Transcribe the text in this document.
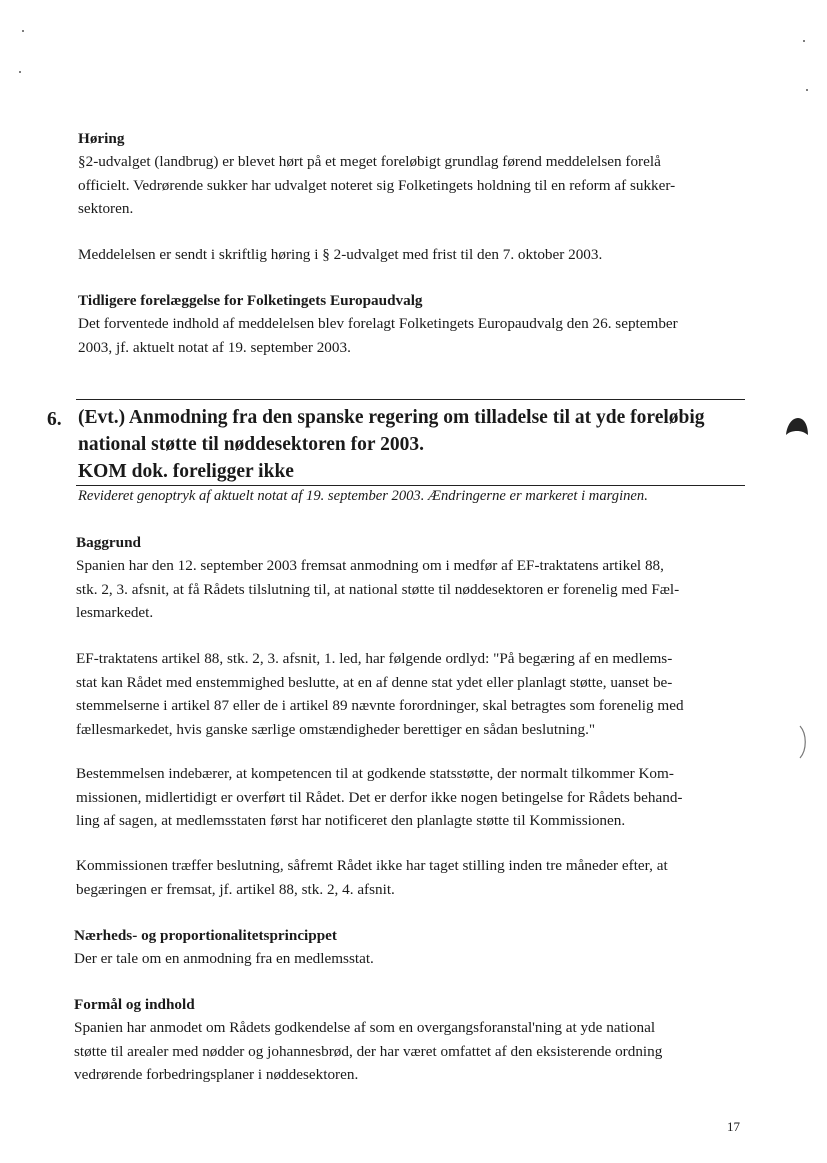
Høring

§2-udvalget (landbrug) er blevet hørt på et meget foreløbigt grundlag førend meddelelsen forelå

officielt. Vedrørende sukker har udvalget noteret sig Folketingets holdning til en reform af sukker-

sektoren.

Meddelelsen er sendt i skriftlig høring i § 2-udvalget med frist til den 7. oktober 2003.

Tidligere forelæggelse for Folketingets Europaudvalg

Det forventede indhold af meddelelsen blev forelagt Folketingets Europaudvalg den 26. september

2003, jf. aktuelt notat af 19. september 2003.

6. (Evt.) Anmodning fra den spanske regering om tilladelse til at yde foreløbig
national støtte til nøddesektoren for 2003.
KOM dok. foreligger ikke
Revideret genoptryk af aktuelt notat af 19. september 2003. Ændringerne er markeret i marginen.
Baggrund

Spanien har den 12. september 2003 fremsat anmodning om i medfør af EF-traktatens artikel 88,

stk. 2, 3. afsnit, at få Rådets tilslutning til, at national støtte til nøddesektoren er forenelig med Fæl-

lesmarkedet.

EF-traktatens artikel 88, stk. 2, 3. afsnit, 1. led, har følgende ordlyd: "På begæring af en medlems-

stat kan Rådet med enstemmighed beslutte, at en af denne stat ydet eller planlagt støtte, uanset be-

stemmelserne i artikel 87 eller de i artikel 89 nævnte forordninger, skal betragtes som forenelig med

fællesmarkedet, hvis ganske særlige omstændigheder berettiger en sådan beslutning."

Bestemmelsen indebærer, at kompetencen til at godkende statsstøtte, der normalt tilkommer Kom-

missionen, midlertidigt er overført til Rådet. Det er derfor ikke nogen betingelse for Rådets behand-

ling af sagen, at medlemsstaten først har notificeret den planlagte støtte til Kommissionen.

Kommissionen træffer beslutning, såfremt Rådet ikke har taget stilling inden tre måneder efter, at

begæringen er fremsat, jf. artikel 88, stk. 2, 4. afsnit.

Nærheds- og proportionalitetsprincippet

Der er tale om en anmodning fra en medlemsstat.

Formål og indhold

Spanien har anmodet om Rådets godkendelse af som en overgangsforanstal'ning at yde national

støtte til arealer med nødder og johannesbrød, der har været omfattet af den eksisterende ordning

vedrørende forbedringsplaner i nøddesektoren.

17
